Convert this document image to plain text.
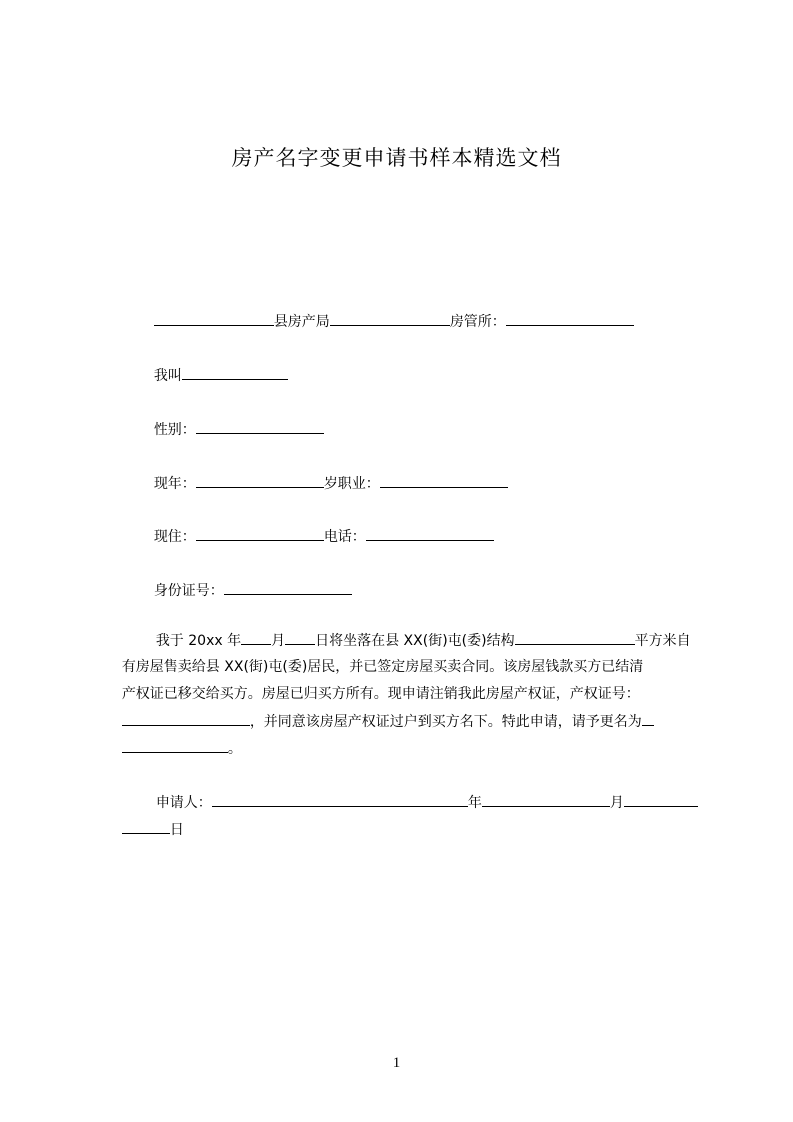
房产名字变更申请书样本精选文档

县房产局	房管所：

我叫

性别：

现年：	岁职业：

现住：	电话：

身份证号：

我于 20xx 年 月 日将坐落在县 XX(街)屯(委)结构	平方米自

有房屋售卖给县 XX(街)屯(委)居民，并已签定房屋买卖合同。该房屋钱款买方已结清

产权证已移交给买方。房屋已归买方所有。现申请注销我此房屋产权证，产权证号：

，并同意该房屋产权证过户到买方名下。特此申请，请予更名为

。

申请人：	年	月

日

1
